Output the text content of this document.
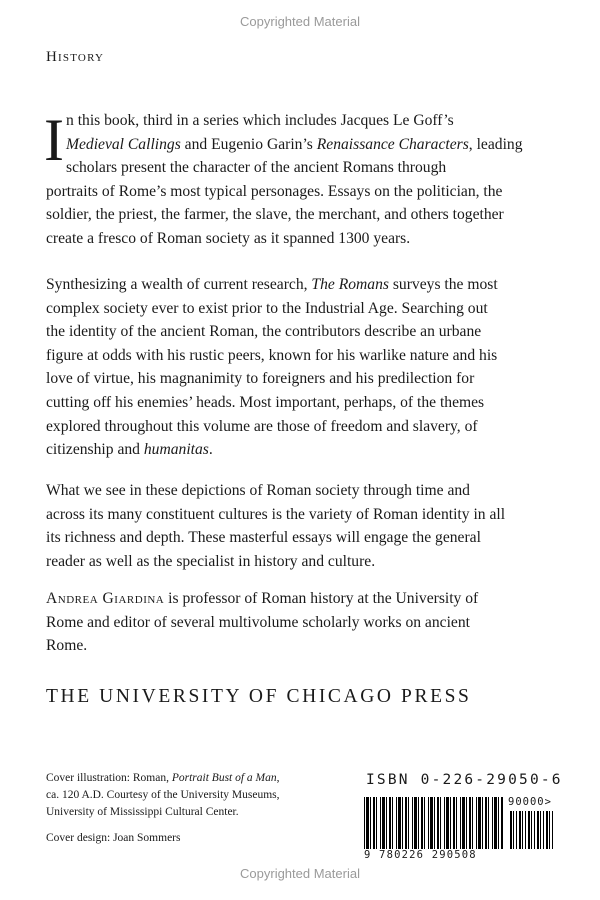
Copyrighted Material
History
I n this book, third in a series which includes Jacques Le Goff’s
Medieval Callings and Eugenio Garin’s Renaissance Characters, leading
scholars present the character of the ancient Romans through
portraits of Rome’s most typical personages. Essays on the politician, the
soldier, the priest, the farmer, the slave, the merchant, and others together
create a fresco of Roman society as it spanned 1300 years.
Synthesizing a wealth of current research, The Romans surveys the most
complex society ever to exist prior to the Industrial Age. Searching out
the identity of the ancient Roman, the contributors describe an urbane
figure at odds with his rustic peers, known for his warlike nature and his
love of virtue, his magnanimity to foreigners and his predilection for
cutting off his enemies’ heads. Most important, perhaps, of the themes
explored throughout this volume are those of freedom and slavery, of
citizenship and humanitas.
What we see in these depictions of Roman society through time and
across its many constituent cultures is the variety of Roman identity in all
its richness and depth. These masterful essays will engage the general
reader as well as the specialist in history and culture.
Andrea Giardina is professor of Roman history at the University of
Rome and editor of several multivolume scholarly works on ancient
Rome.
THE UNIVERSITY OF CHICAGO PRESS
Cover illustration: Roman, Portrait Bust of a Man,
ca. 120 A.D. Courtesy of the University Museums,
University of Mississippi Cultural Center.
Cover design: Joan Sommers
ISBN 0-226-29050-6
90000>
9 780226 290508
Copyrighted Material
